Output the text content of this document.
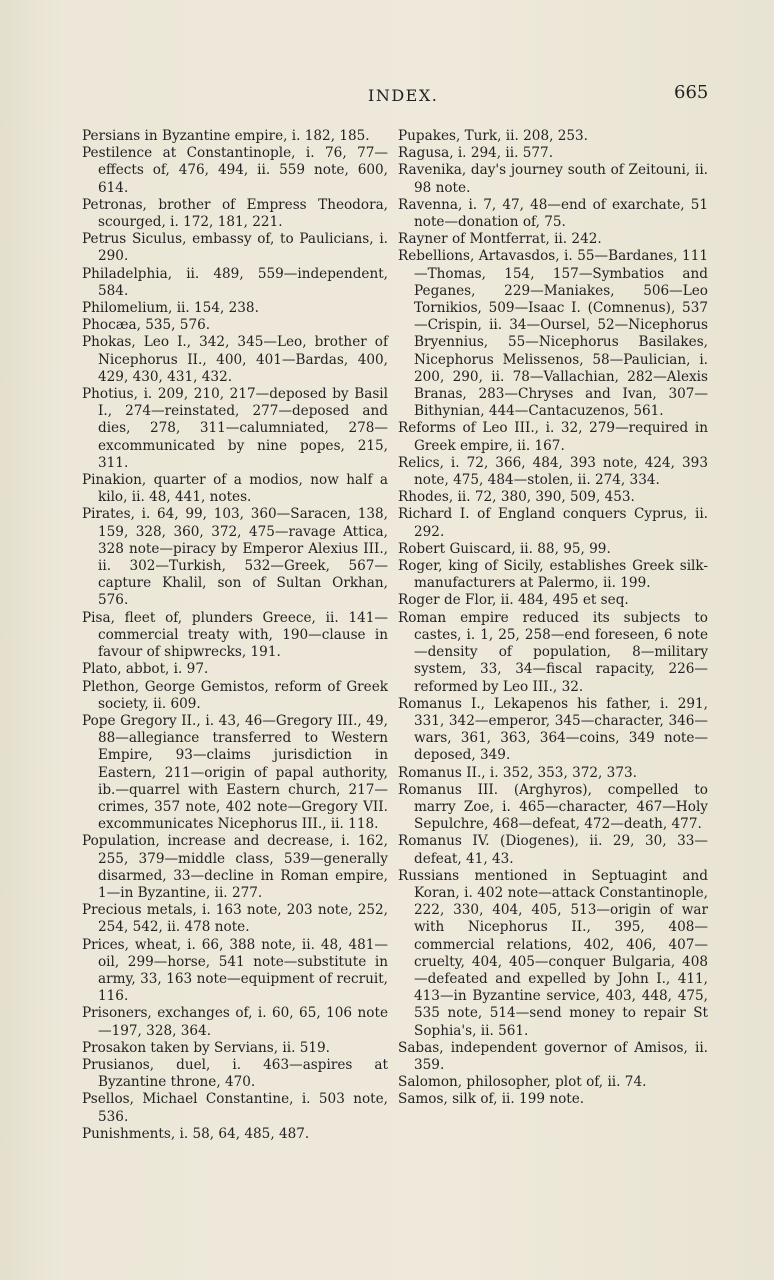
INDEX.	665

Persians in Byzantine empire, i. 182, 185.

Pestilence at Constantinople, i. 76, 77—effects of, 476, 494, ii. 559 note, 600, 614.

Petronas, brother of Empress Theodora, scourged, i. 172, 181, 221.

Petrus Siculus, embassy of, to Paulicians, i. 290.

Philadelphia, ii. 489, 559—independent, 584.

Philomelium, ii. 154, 238.

Phocæa, 535, 576.

Phokas, Leo I., 342, 345—Leo, brother of Nicephorus II., 400, 401—Bardas, 400, 429, 430, 431, 432.

Photius, i. 209, 210, 217—deposed by Basil I., 274—reinstated, 277—deposed and dies, 278, 311—calumniated, 278—excommunicated by nine popes, 215, 311.

Pinakion, quarter of a modios, now half a kilo, ii. 48, 441, notes.

Pirates, i. 64, 99, 103, 360—Saracen, 138, 159, 328, 360, 372, 475—ravage Attica, 328 note—piracy by Emperor Alexius III., ii. 302—Turkish, 532—Greek, 567—capture Khalil, son of Sultan Orkhan, 576.

Pisa, fleet of, plunders Greece, ii. 141—commercial treaty with, 190—clause in favour of shipwrecks, 191.

Plato, abbot, i. 97.

Plethon, George Gemistos, reform of Greek society, ii. 609.

Pope Gregory II., i. 43, 46—Gregory III., 49, 88—allegiance transferred to Western Empire, 93—claims jurisdiction in Eastern, 211—origin of papal authority, ib.—quarrel with Eastern church, 217—crimes, 357 note, 402 note—Gregory VII. excommunicates Nicephorus III., ii. 118.

Population, increase and decrease, i. 162, 255, 379—middle class, 539—generally disarmed, 33—decline in Roman empire, 1—in Byzantine, ii. 277.

Precious metals, i. 163 note, 203 note, 252, 254, 542, ii. 478 note.

Prices, wheat, i. 66, 388 note, ii. 48, 481—oil, 299—horse, 541 note—substitute in army, 33, 163 note—equipment of recruit, 116.

Prisoners, exchanges of, i. 60, 65, 106 note—197, 328, 364.

Prosakon taken by Servians, ii. 519.

Prusianos, duel, i. 463—aspires at Byzantine throne, 470.

Psellos, Michael Constantine, i. 503 note, 536.

Punishments, i. 58, 64, 485, 487.

Pupakes, Turk, ii. 208, 253.

Ragusa, i. 294, ii. 577.

Ravenika, day's journey south of Zeitouni, ii. 98 note.

Ravenna, i. 7, 47, 48—end of exarchate, 51 note—donation of, 75.

Rayner of Montferrat, ii. 242.

Rebellions, Artavasdos, i. 55—Bardanes, 111—Thomas, 154, 157—Symbatios and Peganes, 229—Maniakes, 506—Leo Tornikios, 509—Isaac I. (Comnenus), 537—Crispin, ii. 34—Oursel, 52—Nicephorus Bryennius, 55—Nicephorus Basilakes, Nicephorus Melissenos, 58—Paulician, i. 200, 290, ii. 78—Vallachian, 282—Alexis Branas, 283—Chryses and Ivan, 307—Bithynian, 444—Cantacuzenos, 561.

Reforms of Leo III., i. 32, 279—required in Greek empire, ii. 167.

Relics, i. 72, 366, 484, 393 note, 424, 393 note, 475, 484—stolen, ii. 274, 334.

Rhodes, ii. 72, 380, 390, 509, 453.

Richard I. of England conquers Cyprus, ii. 292.

Robert Guiscard, ii. 88, 95, 99.

Roger, king of Sicily, establishes Greek silk-manufacturers at Palermo, ii. 199.

Roger de Flor, ii. 484, 495 et seq.

Roman empire reduced its subjects to castes, i. 1, 25, 258—end foreseen, 6 note—density of population, 8—military system, 33, 34—fiscal rapacity, 226—reformed by Leo III., 32.

Romanus I., Lekapenos his father, i. 291, 331, 342—emperor, 345—character, 346—wars, 361, 363, 364—coins, 349 note—deposed, 349.

Romanus II., i. 352, 353, 372, 373.

Romanus III. (Arghyros), compelled to marry Zoe, i. 465—character, 467—Holy Sepulchre, 468—defeat, 472—death, 477.

Romanus IV. (Diogenes), ii. 29, 30, 33—defeat, 41, 43.

Russians mentioned in Septuagint and Koran, i. 402 note—attack Constantinople, 222, 330, 404, 405, 513—origin of war with Nicephorus II., 395, 408—commercial relations, 402, 406, 407—cruelty, 404, 405—conquer Bulgaria, 408—defeated and expelled by John I., 411, 413—in Byzantine service, 403, 448, 475, 535 note, 514—send money to repair St Sophia's, ii. 561.

Sabas, independent governor of Amisos, ii. 359.

Salomon, philosopher, plot of, ii. 74.

Samos, silk of, ii. 199 note.
